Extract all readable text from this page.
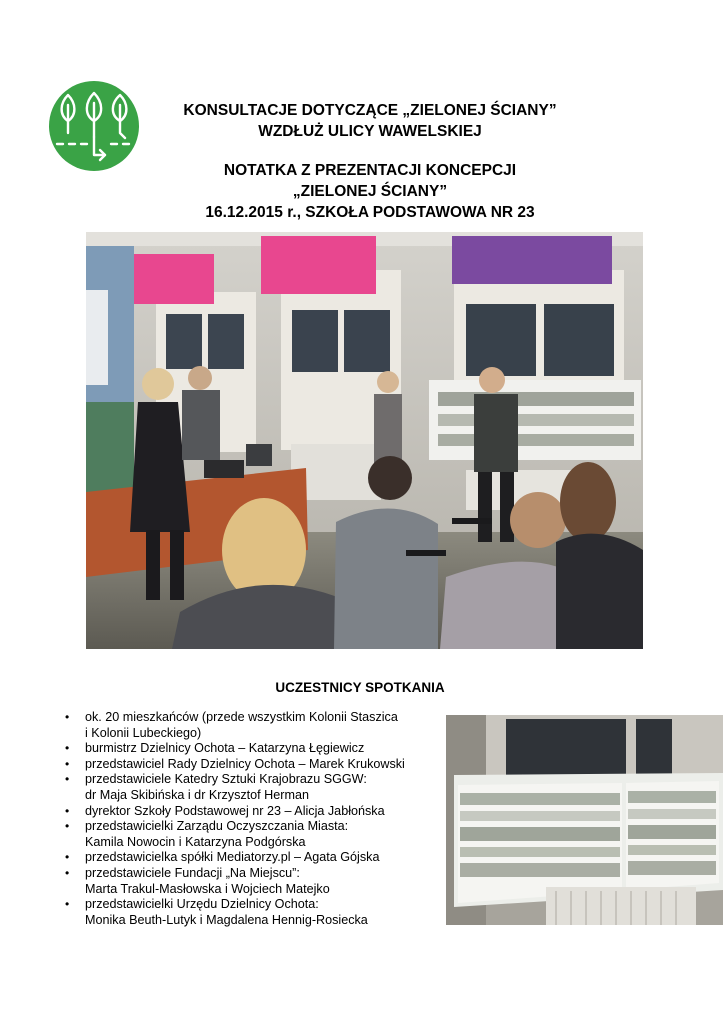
KONSULTACJE DOTYCZĄCE „ZIELONEJ ŚCIANY”
WZDŁUŻ ULICY WAWELSKIEJ
NOTATKA Z PREZENTACJI KONCEPCJI
„ZIELONEJ ŚCIANY”
16.12.2015 r., SZKOŁA PODSTAWOWA NR 23
UCZESTNICY SPOTKANIA
• ok. 20 mieszkańców (przede wszystkim Kolonii Staszica
i Kolonii Lubeckiego)
• burmistrz Dzielnicy Ochota – Katarzyna Łęgiewicz
• przedstawiciel Rady Dzielnicy Ochota – Marek Krukowski
• przedstawiciele Katedry Sztuki Krajobrazu SGGW:
dr Maja Skibińska i dr Krzysztof Herman
• dyrektor Szkoły Podstawowej nr 23 – Alicja Jabłońska
• przedstawicielki Zarządu Oczyszczania Miasta:
Kamila Nowocin i Katarzyna Podgórska
• przedstawicielka spółki Mediatorzy.pl – Agata Gójska
• przedstawiciele Fundacji „Na Miejscu”:
Marta Trakul-Masłowska i Wojciech Matejko
• przedstawicielki Urzędu Dzielnicy Ochota:
Monika Beuth-Lutyk i Magdalena Hennig-Rosiecka
